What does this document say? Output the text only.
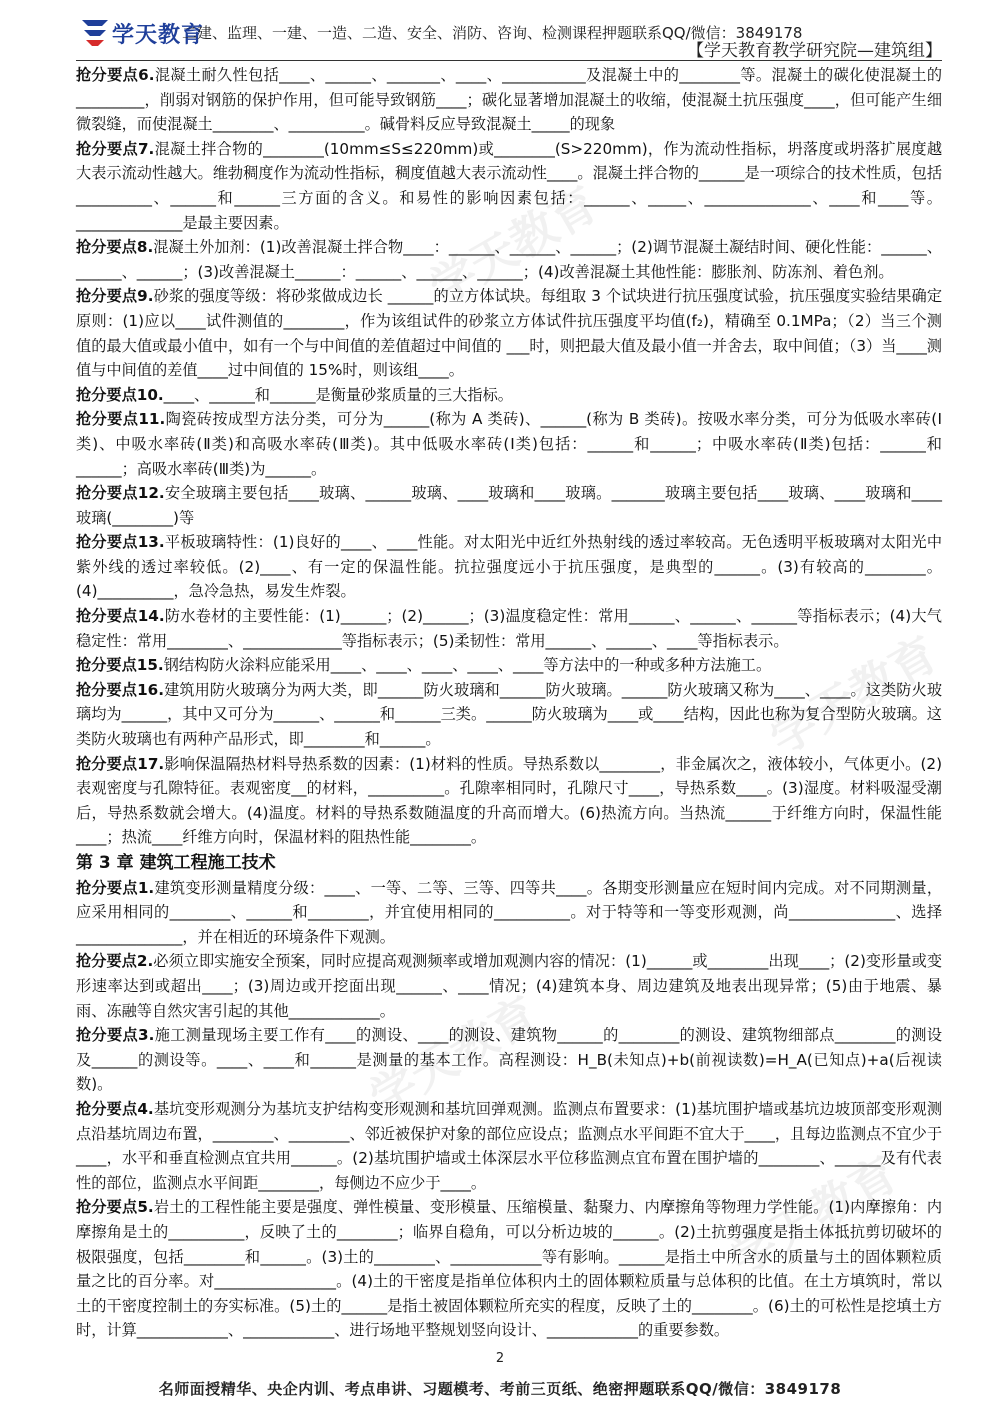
学天教育
二建、监理、一建、一造、二造、安全、消防、咨询、检测课程押题联系QQ/微信：3849178
【学天教育教学研究院—建筑组】
学天教育
学天教育
学天教育
学天教育

抢分要点6.混凝土耐久性包括____、______、_______、____、___________及混凝土中的________等。混凝土的碳化使混凝土的_________，削弱对钢筋的保护作用，但可能导致钢筋____；碳化显著增加混凝土的收缩，使混凝土抗压强度____，但可能产生细微裂缝，而使混凝土________、__________。碱骨料反应导致混凝土_____的现象

抢分要点7.混凝土拌合物的________(10mm≤S≤220mm)或________(S>220mm)，作为流动性指标，坍落度或坍落扩展度越大表示流动性越大。维勃稠度作为流动性指标，稠度值越大表示流动性____。混凝土拌合物的______是一项综合的技术性质，包括__________、______和______三方面的含义。和易性的影响因素包括：______、_____、______________、____和____等。______________是最主要因素。

抢分要点8.混凝土外加剂：(1)改善混凝土拌合物____：______、______、______；(2)调节混凝土凝结时间、硬化性能：______、______、______；(3)改善混凝土______：______、______、______；(4)改善混凝土其他性能：膨胀剂、防冻剂、着色剂。

抢分要点9.砂浆的强度等级：将砂浆做成边长 ______的立方体试块。每组取 3 个试块进行抗压强度试验，抗压强度实验结果确定原则：(1)应以____试件测值的________，作为该组试件的砂浆立方体试件抗压强度平均值(f₂)，精确至 0.1MPa；（2）当三个测值的最大值或最小值中，如有一个与中间值的差值超过中间值的 ___时，则把最大值及最小值一并舍去，取中间值；（3）当____测值与中间值的差值____过中间值的 15%时，则该组____。

抢分要点10.____、______和______是衡量砂浆质量的三大指标。

抢分要点11.陶瓷砖按成型方法分类，可分为______(称为 A 类砖)、______(称为 B 类砖)。按吸水率分类，可分为低吸水率砖(Ⅰ类)、中吸水率砖(Ⅱ类)和高吸水率砖(Ⅲ类)。其中低吸水率砖(Ⅰ类)包括：______和______；中吸水率砖(Ⅱ类)包括：______和______；高吸水率砖(Ⅲ类)为______。

抢分要点12.安全玻璃主要包括____玻璃、______玻璃、____玻璃和____玻璃。_______玻璃主要包括____玻璃、____玻璃和____玻璃(________)等

抢分要点13.平板玻璃特性：(1)良好的____、____性能。对太阳光中近红外热射线的透过率较高。无色透明平板玻璃对太阳光中紫外线的透过率较低。(2)____、有一定的保温性能。抗拉强度远小于抗压强度，是典型的______。(3)有较高的________。(4)__________，急冷急热，易发生炸裂。

抢分要点14.防水卷材的主要性能：(1)______；(2)______；(3)温度稳定性：常用______、______、______等指标表示；(4)大气稳定性：常用________、_____________等指标表示；(5)柔韧性：常用______、______、____等指标表示。

抢分要点15.钢结构防火涂料应能采用____、____、____、____、____等方法中的一种或多种方法施工。

抢分要点16.建筑用防火玻璃分为两大类，即______防火玻璃和______防火玻璃。______防火玻璃又称为____、____。这类防火玻璃均为______，其中又可分为______、______和______三类。______防火玻璃为____或____结构，因此也称为复合型防火玻璃。这类防火玻璃也有两种产品形式，即________和______。

抢分要点17.影响保温隔热材料导热系数的因素：(1)材料的性质。导热系数以________，非金属次之，液体较小，气体更小。(2)表观密度与孔隙特征。表观密度__的材料，__________。孔隙率相同时，孔隙尺寸____，导热系数____。(3)湿度。材料吸湿受潮后，导热系数就会增大。(4)温度。材料的导热系数随温度的升高而增大。(6)热流方向。当热流______于纤维方向时，保温性能____；热流____纤维方向时，保温材料的阻热性能________。

第 3 章 建筑工程施工技术

抢分要点1.建筑变形测量精度分级：____、一等、二等、三等、四等共____。各期变形测量应在短时间内完成。对不同期测量，应采用相同的________、______和________，并宜使用相同的__________。对于特等和一等变形观测，尚______________、选择______________，并在相近的环境条件下观测。

抢分要点2.必须立即实施安全预案，同时应提高观测频率或增加观测内容的情况：(1)______或________出现____；(2)变形量或变形速率达到或超出____；(3)周边或开挖面出现______、____情况；(4)建筑本身、周边建筑及地表出现异常；(5)由于地震、暴雨、冻融等自然灾害引起的其他____________。

抢分要点3.施工测量现场主要工作有____的测设、____的测设、建筑物______的________的测设、建筑物细部点________的测设及______的测设等。____、____和______是测量的基本工作。高程测设：H_B(未知点)+b(前视读数)=H_A(已知点)+a(后视读数)。

抢分要点4.基坑变形观测分为基坑支护结构变形观测和基坑回弹观测。监测点布置要求：(1)基坑围护墙或基坑边坡顶部变形观测点沿基坑周边布置，________、________、邻近被保护对象的部位应设点；监测点水平间距不宜大于____，且每边监测点不宜少于____，水平和垂直检测点宜共用______。(2)基坑围护墙或土体深层水平位移监测点宜布置在围护墙的________、______及有代表性的部位，监测点水平间距________，每侧边不应少于____。

抢分要点5.岩土的工程性能主要是强度、弹性模量、变形模量、压缩模量、黏聚力、内摩擦角等物理力学性能。(1)内摩擦角：内摩擦角是土的__________，反映了土的________；临界自稳角，可以分析边坡的______。(2)土抗剪强度是指土体抵抗剪切破坏的极限强度，包括________和______。(3)土的________、____________等有影响。______是指土中所含水的质量与土的固体颗粒质量之比的百分率。对________________。(4)土的干密度是指单位体积内土的固体颗粒质量与总体积的比值。在土方填筑时，常以土的干密度控制土的夯实标准。(5)土的______是指土被固体颗粒所充实的程度，反映了土的________。(6)土的可松性是挖填土方时，计算____________、____________、进行场地平整规划竖向设计、____________的重要参数。

2
名师面授精华、央企内训、考点串讲、习题模考、考前三页纸、绝密押题联系QQ/微信：3849178
